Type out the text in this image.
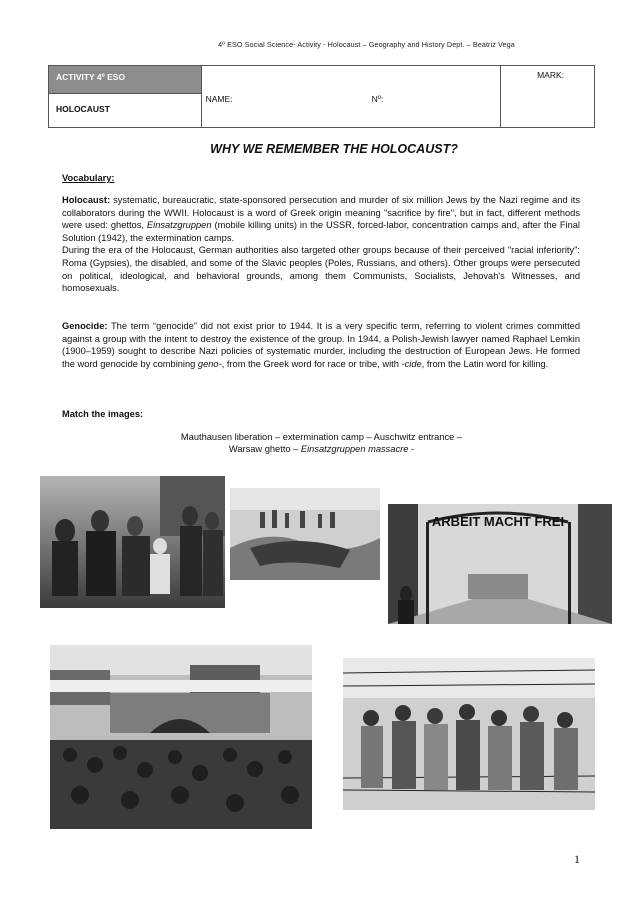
4º ESO Social Science- Activity - Holocaust – Geography and History Dept. – Beatriz Vega
ACTIVITY 4º ESO	
NAME:	Nº:

MARK:

HOLOCAUST
WHY WE REMEMBER THE HOLOCAUST?
Vocabulary:
Holocaust: systematic, bureaucratic, state-sponsored persecution and murder of six million Jews by the Nazi regime and its collaborators during the WWII. Holocaust is a word of Greek origin meaning "sacrifice by fire", but in fact, different methods were used: ghettos, Einsatzgruppen (mobile killing units) in the USSR, forced-labor, concentration camps and, after the Final Solution (1942), the extermination camps.
During the era of the Holocaust, German authorities also targeted other groups because of their perceived "racial inferiority": Roma (Gypsies), the disabled, and some of the Slavic peoples (Poles, Russians, and others). Other groups were persecuted on political, ideological, and behavioral grounds, among them Communists, Socialists, Jehovah's Witnesses, and homosexuals.
Genocide: The term “genocide” did not exist prior to 1944. It is a very specific term, referring to violent crimes committed against a group with the intent to destroy the existence of the group. In 1944, a Polish-Jewish lawyer named Raphael Lemkin (1900–1959) sought to describe Nazi policies of systematic murder, including the destruction of European Jews. He formed the word genocide by combining geno-, from the Greek word for race or tribe, with -cide, from the Latin word for killing.
Match the images:
Mauthausen liberation – extermination camp – Auschwitz entrance –
Warsaw ghetto – Einsatzgruppen massacre -
ARBEIT MACHT FREI
1
